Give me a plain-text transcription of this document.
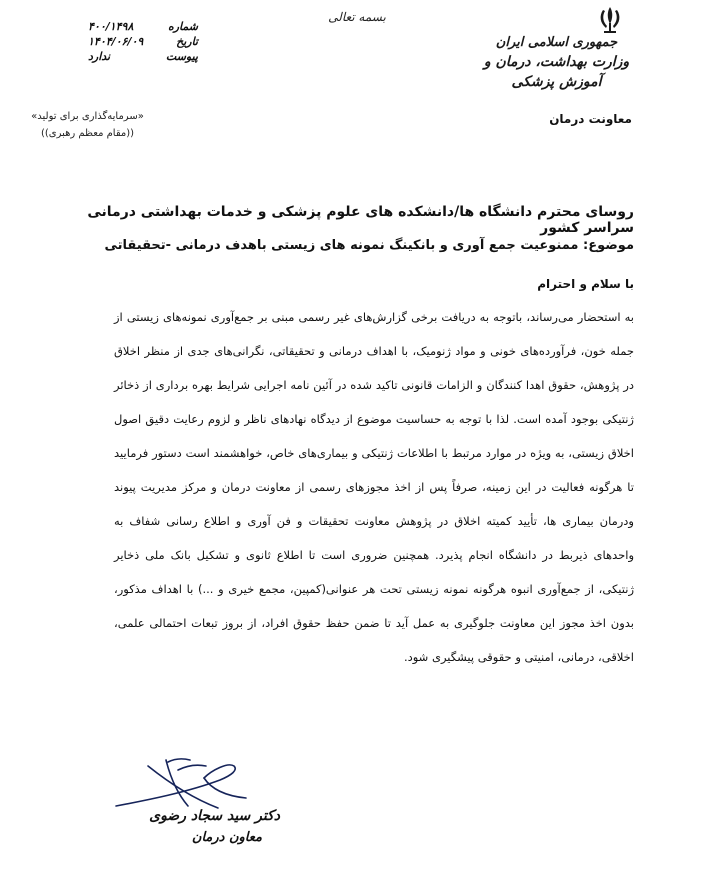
بسمه تعالی
جمهوری اسلامی ایران
وزارت بهداشت، درمان و آموزش پزشکی
معاونت درمان
شماره
۴۰۰/۱۴۹۸
تاریخ
۱۴۰۴/۰۶/۰۹
پیوست
ندارد
«سرمایه‌گذاری برای تولید»
((مقام معظم رهبری))
روسای محترم دانشگاه ها/دانشکده های علوم پزشکی و خدمات بهداشتی درمانی سراسر کشور
موضوع: ممنوعیت جمع آوری و بانکینگ نمونه های زیستی باهدف درمانی -تحقیقاتی
با سلام و احترام

به استحضار می‌رساند، باتوجه به دریافت برخی گزارش‌های غیر رسمی مبنی بر جمع‌آوری نمونه‌های زیستی از جمله خون، فرآورده‌های خونی و مواد ژنومیک، با اهداف درمانی و تحقیقاتی، نگرانی‌های جدی از منظر اخلاق در پژوهش، حقوق اهدا کنندگان و الزامات قانونی تاکید شده در آئین نامه اجرایی شرایط بهره برداری از ذخائر ژنتیکی بوجود آمده است. لذا با توجه به حساسیت موضوع از دیدگاه نهادهای ناظر و لزوم رعایت دقیق اصول اخلاق زیستی، به ویژه در موارد مرتبط با اطلاعات ژنتیکی و بیماری‌های خاص، خواهشمند است دستور فرمایید تا هرگونه فعالیت در این زمینه، صرفاً پس از اخذ مجوزهای رسمی از معاونت درمان و مرکز مدیریت پیوند ودرمان بیماری ها، تأیید کمیته اخلاق در پژوهش معاونت تحقیقات و فن آوری و اطلاع رسانی شفاف به واحدهای ذیربط در دانشگاه انجام پذیرد. همچنین ضروری است تا اطلاع ثانوی و تشکیل بانک ملی ذخایر ژنتیکی، از جمع‌آوری انبوه هرگونه نمونه زیستی تحت هر عنوانی(کمپین، مجمع خیری و ...) با اهداف مذکور، بدون اخذ مجوز این معاونت جلوگیری به عمل آید تا ضمن حفظ حقوق افراد، از بروز تبعات احتمالی علمی، اخلاقی، درمانی، امنیتی و حقوقی پیشگیری شود.

دکتر سید سجاد رضوی
معاون درمان
